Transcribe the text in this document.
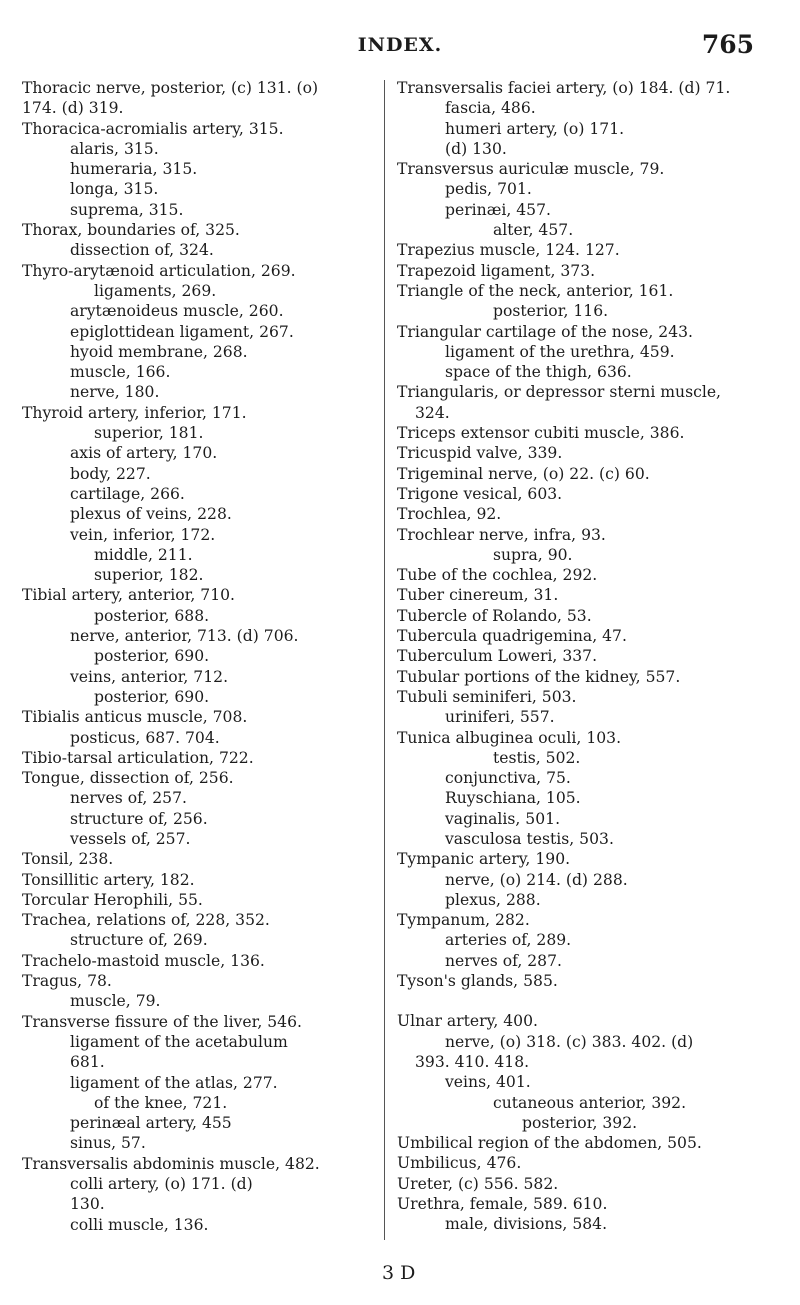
INDEX.	765
Thoracic nerve, posterior, (c) 131. (o)
174. (d) 319.
Thoracica-acromialis artery, 315.
alaris, 315.
humeraria, 315.
longa, 315.
suprema, 315.
Thorax, boundaries of, 325.
dissection of, 324.
Thyro-arytænoid articulation, 269.
ligaments, 269.
arytænoideus muscle, 260.
epiglottidean ligament, 267.
hyoid membrane, 268.
muscle, 166.
nerve, 180.
Thyroid artery, inferior, 171.
superior, 181.
axis of artery, 170.
body, 227.
cartilage, 266.
plexus of veins, 228.
vein, inferior, 172.
middle, 211.
superior, 182.
Tibial artery, anterior, 710.
posterior, 688.
nerve, anterior, 713. (d) 706.
posterior, 690.
veins, anterior, 712.
posterior, 690.
Tibialis anticus muscle, 708.
posticus, 687. 704.
Tibio-tarsal articulation, 722.
Tongue, dissection of, 256.
nerves of, 257.
structure of, 256.
vessels of, 257.
Tonsil, 238.
Tonsillitic artery, 182.
Torcular Herophili, 55.
Trachea, relations of, 228, 352.
structure of, 269.
Trachelo-mastoid muscle, 136.
Tragus, 78.
muscle, 79.
Transverse fissure of the liver, 546.
ligament of the acetabulum
681.
ligament of the atlas, 277.
of the knee, 721.
perinæal artery, 455
sinus, 57.
Transversalis abdominis muscle, 482.
colli artery, (o) 171. (d)
130.
colli muscle, 136.
Transversalis faciei artery, (o) 184. (d) 71.
fascia, 486.
humeri artery, (o) 171.
(d) 130.
Transversus auriculæ muscle, 79.
pedis, 701.
perinæi, 457.
alter, 457.
Trapezius muscle, 124. 127.
Trapezoid ligament, 373.
Triangle of the neck, anterior, 161.
posterior, 116.
Triangular cartilage of the nose, 243.
ligament of the urethra, 459.
space of the thigh, 636.
Triangularis, or depressor sterni muscle,
324.
Triceps extensor cubiti muscle, 386.
Tricuspid valve, 339.
Trigeminal nerve, (o) 22. (c) 60.
Trigone vesical, 603.
Trochlea, 92.
Trochlear nerve, infra, 93.
supra, 90.
Tube of the cochlea, 292.
Tuber cinereum, 31.
Tubercle of Rolando, 53.
Tubercula quadrigemina, 47.
Tuberculum Loweri, 337.
Tubular portions of the kidney, 557.
Tubuli seminiferi, 503.
uriniferi, 557.
Tunica albuginea oculi, 103.
testis, 502.
conjunctiva, 75.
Ruyschiana, 105.
vaginalis, 501.
vasculosa testis, 503.
Tympanic artery, 190.
nerve, (o) 214. (d) 288.
plexus, 288.
Tympanum, 282.
arteries of, 289.
nerves of, 287.
Tyson's glands, 585.
Ulnar artery, 400.
nerve, (o) 318. (c) 383. 402. (d)
393. 410. 418.
veins, 401.
cutaneous anterior, 392.
posterior, 392.
Umbilical region of the abdomen, 505.
Umbilicus, 476.
Ureter, (c) 556. 582.
Urethra, female, 589. 610.
male, divisions, 584.
3 D
